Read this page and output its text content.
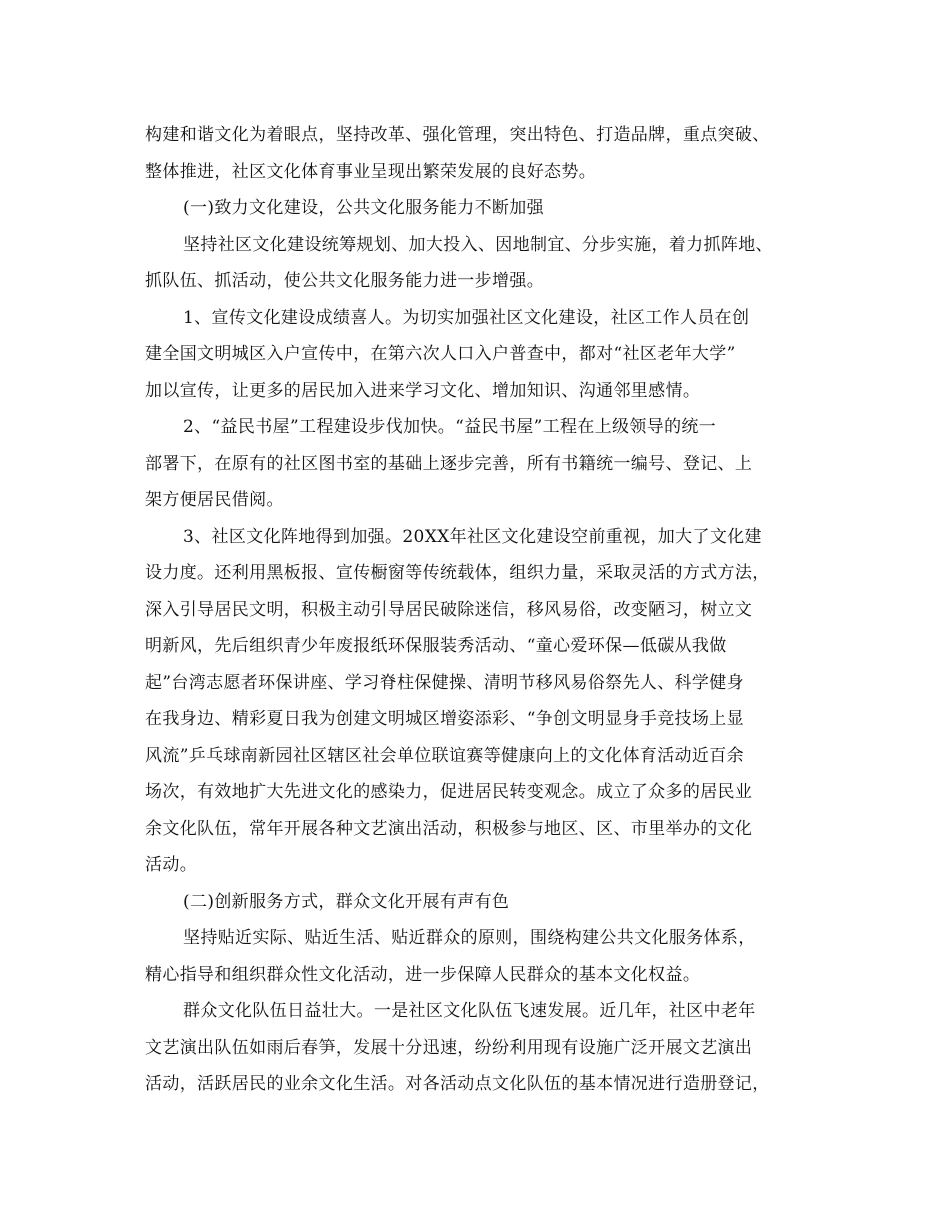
构建和谐文化为着眼点，坚持改革、强化管理，突出特色、打造品牌，重点突破、
整体推进，社区文化体育事业呈现出繁荣发展的良好态势。
(一)致力文化建设，公共文化服务能力不断加强
坚持社区文化建设统筹规划、加大投入、因地制宜、分步实施，着力抓阵地、
抓队伍、抓活动，使公共文化服务能力进一步增强。
1、宣传文化建设成绩喜人。为切实加强社区文化建设，社区工作人员在创
建全国文明城区入户宣传中，在第六次人口入户普查中，都对“社区老年大学”
加以宣传，让更多的居民加入进来学习文化、增加知识、沟通邻里感情。
2、“益民书屋”工程建设步伐加快。“益民书屋”工程在上级领导的统一
部署下，在原有的社区图书室的基础上逐步完善，所有书籍统一编号、登记、上
架方便居民借阅。
3、社区文化阵地得到加强。20XX年社区文化建设空前重视，加大了文化建
设力度。还利用黑板报、宣传橱窗等传统载体，组织力量，采取灵活的方式方法，
深入引导居民文明，积极主动引导居民破除迷信，移风易俗，改变陋习，树立文
明新风，先后组织青少年废报纸环保服装秀活动、“童心爱环保—低碳从我做
起”台湾志愿者环保讲座、学习脊柱保健操、清明节移风易俗祭先人、科学健身
在我身边、精彩夏日我为创建文明城区增姿添彩、“争创文明显身手竞技场上显
风流”乒乓球南新园社区辖区社会单位联谊赛等健康向上的文化体育活动近百余
场次，有效地扩大先进文化的感染力，促进居民转变观念。成立了众多的居民业
余文化队伍，常年开展各种文艺演出活动，积极参与地区、区、市里举办的文化
活动。
(二)创新服务方式，群众文化开展有声有色
坚持贴近实际、贴近生活、贴近群众的原则，围绕构建公共文化服务体系，
精心指导和组织群众性文化活动，进一步保障人民群众的基本文化权益。
群众文化队伍日益壮大。一是社区文化队伍飞速发展。近几年，社区中老年
文艺演出队伍如雨后春笋，发展十分迅速，纷纷利用现有设施广泛开展文艺演出
活动，活跃居民的业余文化生活。对各活动点文化队伍的基本情况进行造册登记，
